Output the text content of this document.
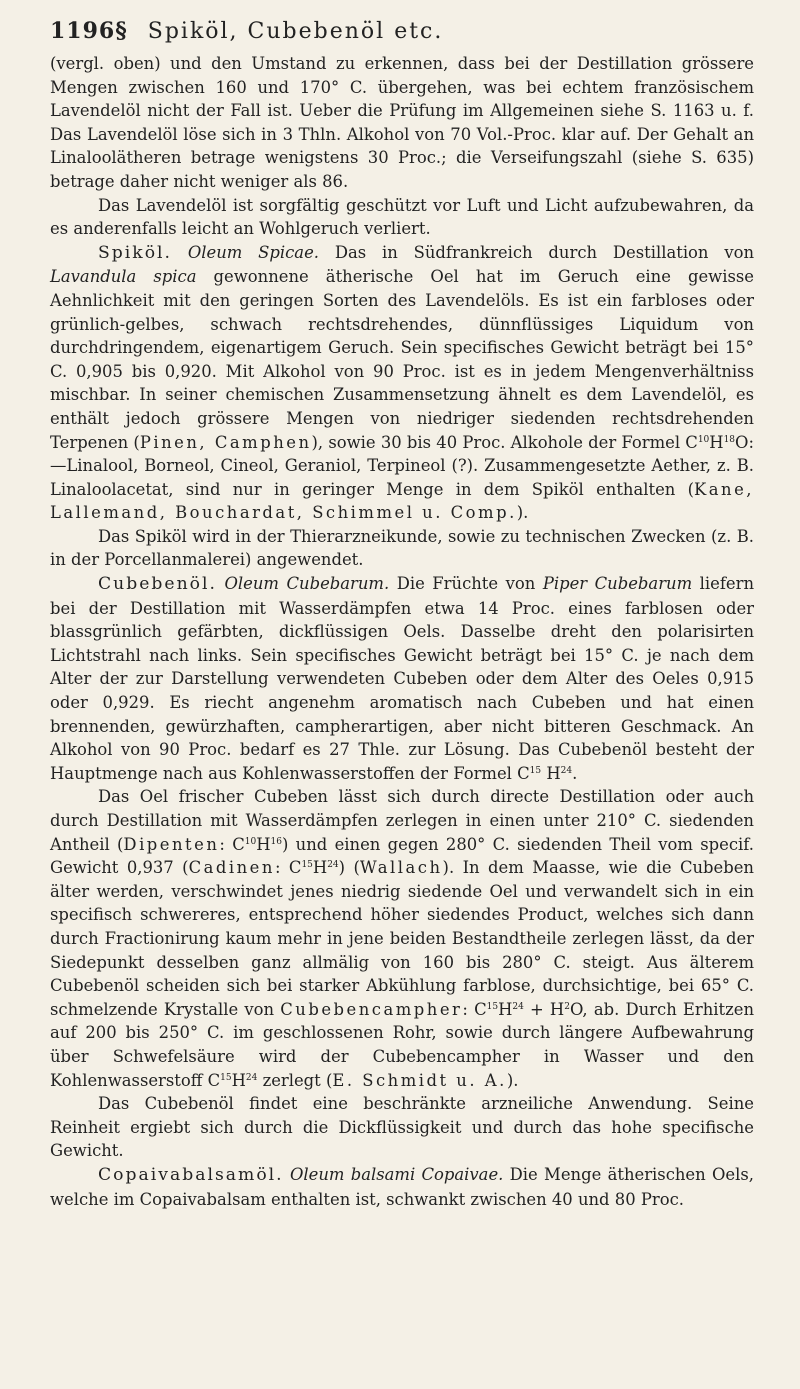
1196§ Spiköl, Cubebenöl etc.

(vergl. oben) und den Umstand zu erkennen, dass bei der Destillation grössere Mengen zwischen 160 und 170° C. übergehen, was bei echtem französischem Lavendelöl nicht der Fall ist. Ueber die Prüfung im Allgemeinen siehe S. 1163 u. f. Das Lavendelöl löse sich in 3 Thln. Alkohol von 70 Vol.-Proc. klar auf. Der Gehalt an Linaloolätheren betrage wenigstens 30 Proc.; die Verseifungszahl (siehe S. 635) betrage daher nicht weniger als 86.

Das Lavendelöl ist sorgfältig geschützt vor Luft und Licht aufzubewahren, da es anderenfalls leicht an Wohlgeruch verliert.

Spiköl. Oleum Spicae. Das in Südfrankreich durch Destillation von Lavandula spica gewonnene ätherische Oel hat im Geruch eine gewisse Aehnlichkeit mit den geringen Sorten des Lavendelöls. Es ist ein farbloses oder grünlich-gelbes, schwach rechtsdrehendes, dünnflüssiges Liquidum von durchdringendem, eigenartigem Geruch. Sein specifisches Gewicht beträgt bei 15° C. 0,905 bis 0,920. Mit Alkohol von 90 Proc. ist es in jedem Mengenverhältniss mischbar. In seiner chemischen Zusammensetzung ähnelt es dem Lavendelöl, es enthält jedoch grössere Mengen von niedriger siedenden rechtsdrehenden Terpenen (Pinen, Camphen), sowie 30 bis 40 Proc. Alkohole der Formel $C^{10}H^{18}O$: —Linalool, Borneol, Cineol, Geraniol, Terpineol (?). Zusammengesetzte Aether, z. B. Linaloolacetat, sind nur in geringer Menge in dem Spiköl enthalten (Kane, Lallemand, Bouchardat, Schimmel u. Comp.).

Das Spiköl wird in der Thierarzneikunde, sowie zu technischen Zwecken (z. B. in der Porcellanmalerei) angewendet.

Cubebenöl. Oleum Cubebarum. Die Früchte von Piper Cubebarum liefern bei der Destillation mit Wasserdämpfen etwa 14 Proc. eines farblosen oder blassgrünlich gefärbten, dickflüssigen Oels. Dasselbe dreht den polarisirten Lichtstrahl nach links. Sein specifisches Gewicht beträgt bei 15° C. je nach dem Alter der zur Darstellung verwendeten Cubeben oder dem Alter des Oeles 0,915 oder 0,929. Es riecht angenehm aromatisch nach Cubeben und hat einen brennenden, gewürzhaften, campherartigen, aber nicht bitteren Geschmack. An Alkohol von 90 Proc. bedarf es 27 Thle. zur Lösung. Das Cubebenöl besteht der Hauptmenge nach aus Kohlenwasserstoffen der Formel $C^{15}$ $H^{24}$.

Das Oel frischer Cubeben lässt sich durch directe Destillation oder auch durch Destillation mit Wasserdämpfen zerlegen in einen unter 210° C. siedenden Antheil (Dipenten: $C^{10}H^{16}$) und einen gegen 280° C. siedenden Theil vom specif. Gewicht 0,937 (Cadinen: $C^{15}H^{24}$) (Wallach). In dem Maasse, wie die Cubeben älter werden, verschwindet jenes niedrig siedende Oel und verwandelt sich in ein specifisch schwereres, entsprechend höher siedendes Product, welches sich dann durch Fractionirung kaum mehr in jene beiden Bestandtheile zerlegen lässt, da der Siedepunkt desselben ganz allmälig von 160 bis 280° C. steigt. Aus älterem Cubebenöl scheiden sich bei starker Abkühlung farblose, durchsichtige, bei 65° C. schmelzende Krystalle von Cubebencampher: $C^{15}H^{24} + H^2O$, ab. Durch Erhitzen auf 200 bis 250° C. im geschlossenen Rohr, sowie durch längere Aufbewahrung über Schwefelsäure wird der Cubebencampher in Wasser und den Kohlenwasserstoff $C^{15}H^{24}$ zerlegt (E. Schmidt u. A.).

Das Cubebenöl findet eine beschränkte arzneiliche Anwendung. Seine Reinheit ergiebt sich durch die Dickflüssigkeit und durch das hohe specifische Gewicht.

Copaivabalsamöl. Oleum balsami Copaivae. Die Menge ätherischen Oels, welche im Copaivabalsam enthalten ist, schwankt zwischen 40 und 80 Proc.
